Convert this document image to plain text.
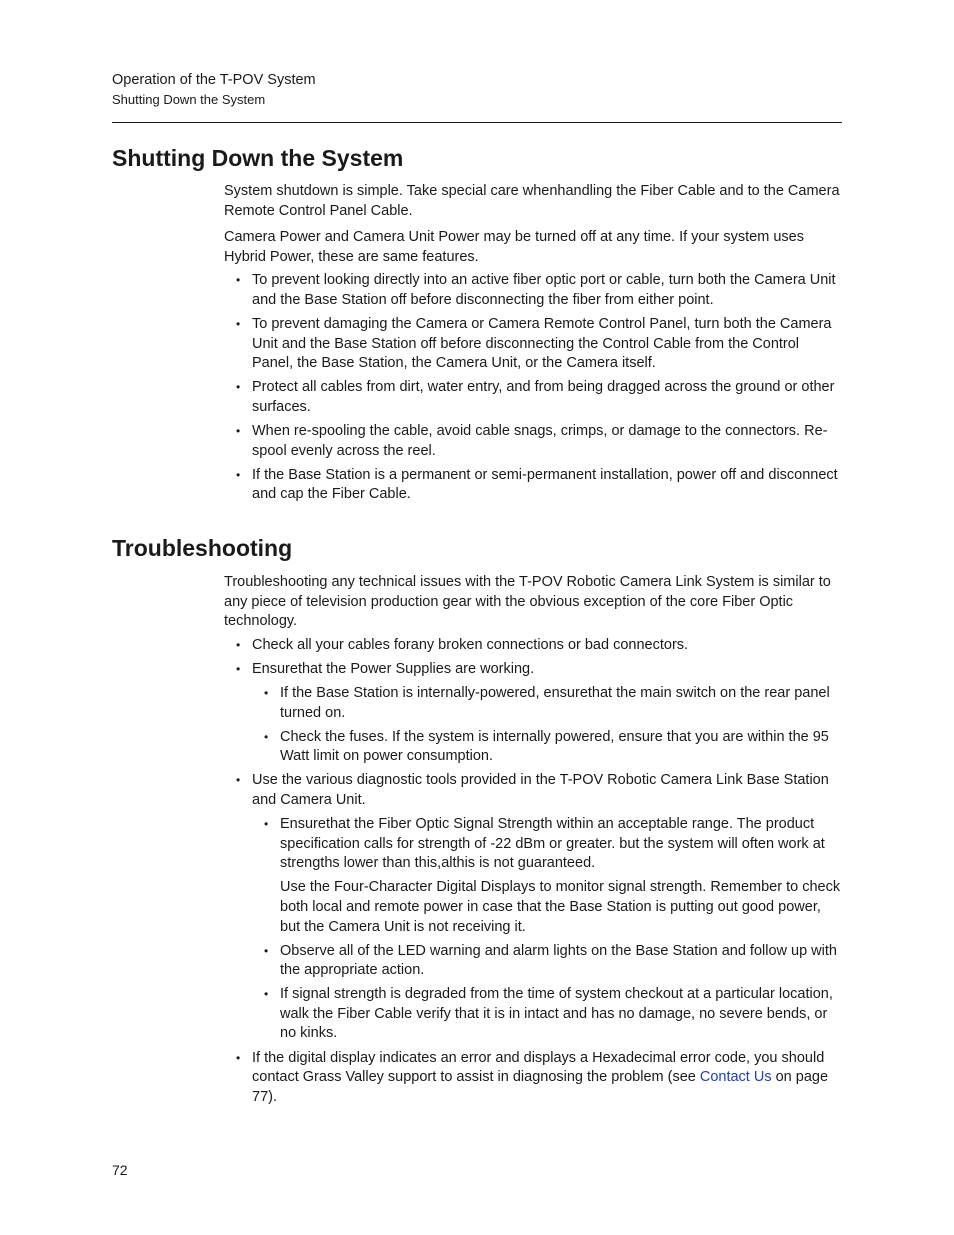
Operation of the T-POV System
Shutting Down the System
Shutting Down the System

System shutdown is simple. Take special care whenhandling the Fiber Cable and to the Camera Remote Control Panel Cable.

Camera Power and Camera Unit Power may be turned off at any time. If your system uses Hybrid Power, these are same features.

• To prevent looking directly into an active fiber optic port or cable, turn both the Camera Unit and the Base Station off before disconnecting the fiber from either point.
• To prevent damaging the Camera or Camera Remote Control Panel, turn both the Camera Unit and the Base Station off before disconnecting the Control Cable from the Control Panel, the Base Station, the Camera Unit, or the Camera itself.
• Protect all cables from dirt, water entry, and from being dragged across the ground or other surfaces.
• When re-spooling the cable, avoid cable snags, crimps, or damage to the connectors. Re-spool evenly across the reel.
• If the Base Station is a permanent or semi-permanent installation, power off and disconnect and cap the Fiber Cable.
Troubleshooting

Troubleshooting any technical issues with the T-POV Robotic Camera Link System is similar to any piece of television production gear with the obvious exception of the core Fiber Optic technology.

• Check all your cables forany broken connections or bad connectors.
• Ensurethat the Power Supplies are working.
• If the Base Station is internally-powered, ensurethat the main switch on the rear panel turned on.
• Check the fuses. If the system is internally powered, ensure that you are within the 95 Watt limit on power consumption.
• Use the various diagnostic tools provided in the T-POV Robotic Camera Link Base Station and Camera Unit.
• Ensurethat the Fiber Optic Signal Strength within an acceptable range. The product specification calls for strength of -22 dBm or greater. but the system will often work at strengths lower than this,althis is not guaranteed.
Use the Four-Character Digital Displays to monitor signal strength. Remember to check both local and remote power in case that the Base Station is putting out good power, but the Camera Unit is not receiving it.
• Observe all of the LED warning and alarm lights on the Base Station and follow up with the appropriate action.
• If signal strength is degraded from the time of system checkout at a particular location, walk the Fiber Cable verify that it is in intact and has no damage, no severe bends, or no kinks.
• If the digital display indicates an error and displays a Hexadecimal error code, you should contact Grass Valley support to assist in diagnosing the problem (see Contact Us on page 77).
72
